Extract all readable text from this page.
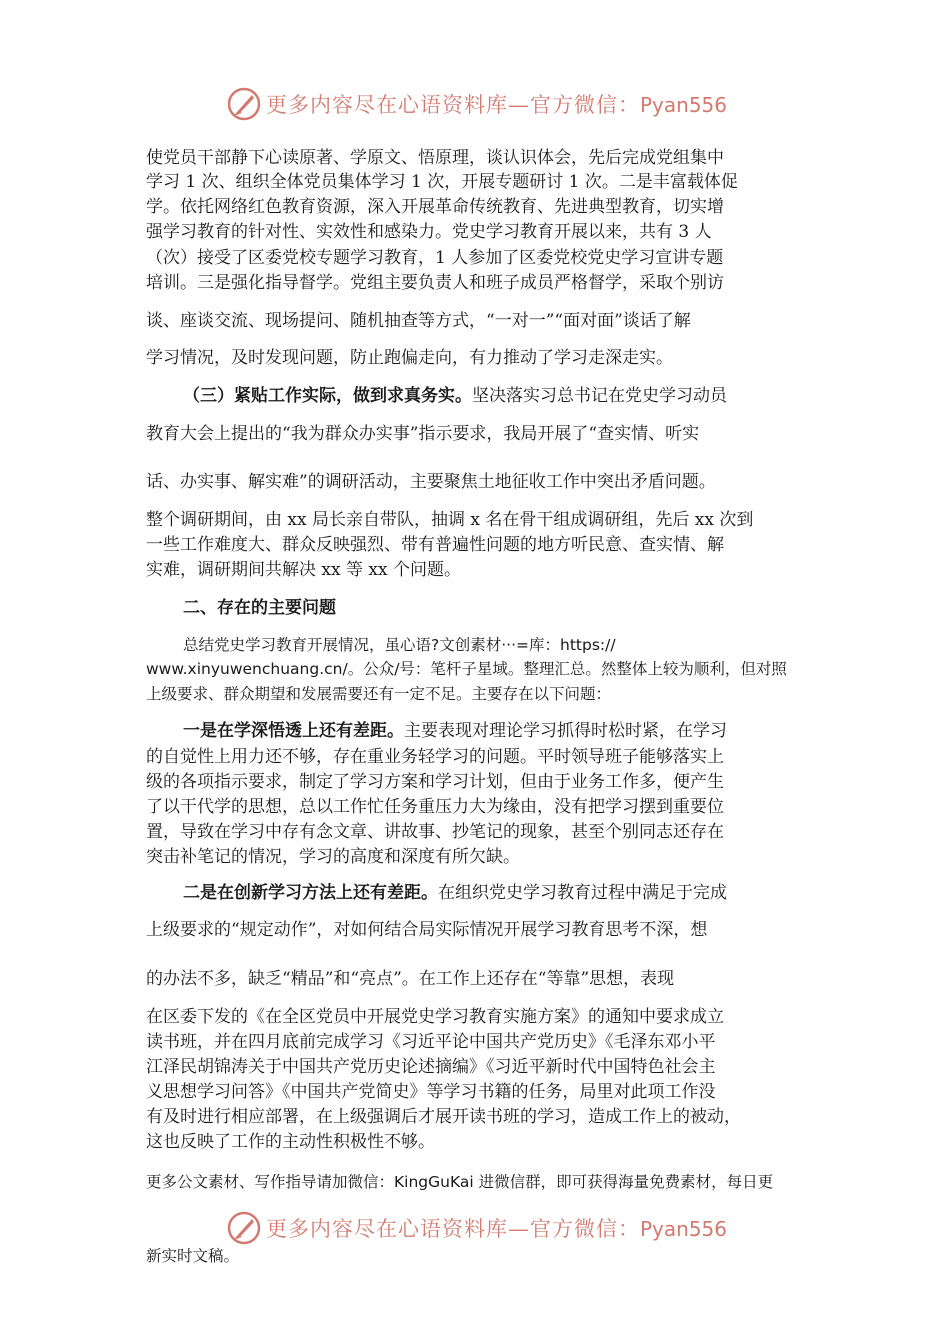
更多内容尽在心语资料库—官方微信：Pyan556
使党员干部静下心读原著、学原文、悟原理，谈认识体会，先后完成党组集中
学习 1 次、组织全体党员集体学习 1 次，开展专题研讨 1 次。二是丰富载体促
学。依托网络红色教育资源，深入开展革命传统教育、先进典型教育，切实增
强学习教育的针对性、实效性和感染力。党史学习教育开展以来，共有 3 人
（次）接受了区委党校专题学习教育，1 人参加了区委党校党史学习宣讲专题
培训。三是强化指导督学。党组主要负责人和班子成员严格督学，采取个别访
谈、座谈交流、现场提问、随机抽查等方式，“一对一”“面对面”谈话了解
学习情况，及时发现问题，防止跑偏走向，有力推动了学习走深走实。
（三）紧贴工作实际，做到求真务实。坚决落实习总书记在党史学习动员
教育大会上提出的“我为群众办实事”指示要求，我局开展了“查实情、听实
话、办实事、解实难”的调研活动，主要聚焦土地征收工作中突出矛盾问题。
整个调研期间，由 xx 局长亲自带队，抽调 x 名在骨干组成调研组，先后 xx 次到
一些工作难度大、群众反映强烈、带有普遍性问题的地方听民意、查实情、解
实难，调研期间共解决 xx 等 xx 个问题。
二、存在的主要问题
总结党史学习教育开展情况，虽心语?文创素材···=库：https://
www.xinyuwenchuang.cn/。公众/号：笔杆子星域。整理汇总。然整体上较为顺利，但对照
上级要求、群众期望和发展需要还有一定不足。主要存在以下问题：
一是在学深悟透上还有差距。主要表现对理论学习抓得时松时紧，在学习
的自觉性上用力还不够，存在重业务轻学习的问题。平时领导班子能够落实上
级的各项指示要求，制定了学习方案和学习计划，但由于业务工作多，便产生
了以干代学的思想，总以工作忙任务重压力大为缘由，没有把学习摆到重要位
置，导致在学习中存有念文章、讲故事、抄笔记的现象，甚至个别同志还存在
突击补笔记的情况，学习的高度和深度有所欠缺。
二是在创新学习方法上还有差距。在组织党史学习教育过程中满足于完成
上级要求的“规定动作”，对如何结合局实际情况开展学习教育思考不深，想
的办法不多，缺乏“精品”和“亮点”。在工作上还存在“等靠”思想，表现
在区委下发的《在全区党员中开展党史学习教育实施方案》的通知中要求成立
读书班，并在四月底前完成学习《习近平论中国共产党历史》《毛泽东邓小平
江泽民胡锦涛关于中国共产党历史论述摘编》《习近平新时代中国特色社会主
义思想学习问答》《中国共产党简史》等学习书籍的任务，局里对此项工作没
有及时进行相应部署，在上级强调后才展开读书班的学习，造成工作上的被动，
这也反映了工作的主动性积极性不够。
更多公文素材、写作指导请加微信：KingGuKai 进微信群，即可获得海量免费素材，每日更
更多内容尽在心语资料库—官方微信：Pyan556
新实时文稿。
